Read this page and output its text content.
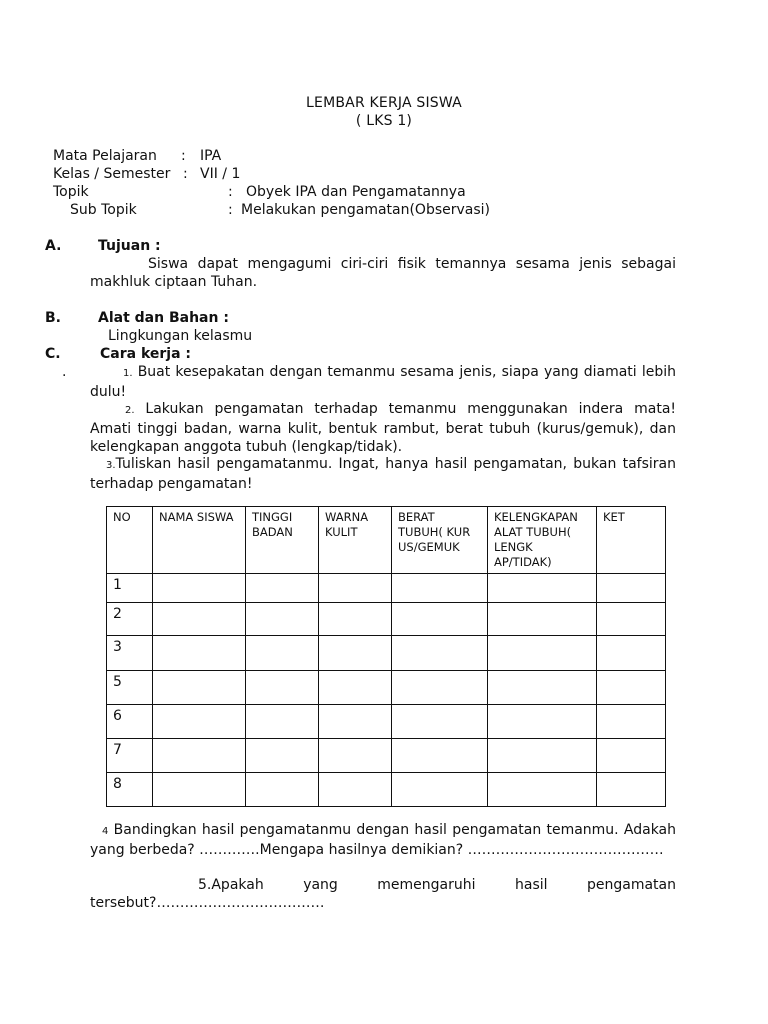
LEMBAR KERJA SISWA
( LKS 1)
Mata Pelajaran : IPA
Kelas / Semester : VII / 1
Topik	: Obyek IPA dan Pengamatannya
Sub Topik	: Melakukan pengamatan(Observasi)
A.	Tujuan :
Siswa dapat mengagumi ciri-ciri fisik temannya sesama jenis sebagai makhluk ciptaan Tuhan.
B.	Alat dan Bahan :
Lingkungan kelasmu
C.	Cara kerja :
.	1. Buat kesepakatan dengan temanmu sesama jenis, siapa yang diamati lebih dulu!
2. Lakukan pengamatan terhadap temanmu menggunakan indera mata! Amati tinggi badan, warna kulit, bentuk rambut, berat tubuh (kurus/gemuk), dan kelengkapan anggota tubuh (lengkap/tidak).
3.Tuliskan hasil pengamatanmu. Ingat, hanya hasil pengamatan, bukan tafsiran terhadap pengamatan!
NO	NAMA SISWA	TINGGI BADAN	WARNA KULIT	BERAT TUBUH( KUR US/GEMUK	KELENGKAPAN ALAT TUBUH( LENGK AP/TIDAK)	KET
1						
2						
3						
5						
6						
7						
8						
4 Bandingkan hasil pengamatanmu dengan hasil pengamatan temanmu. Adakah yang berbeda? ………….Mengapa hasilnya demikian? ……………………………………
5.Apakah yang memengaruhi hasil pengamatan tersebut?………………………………
